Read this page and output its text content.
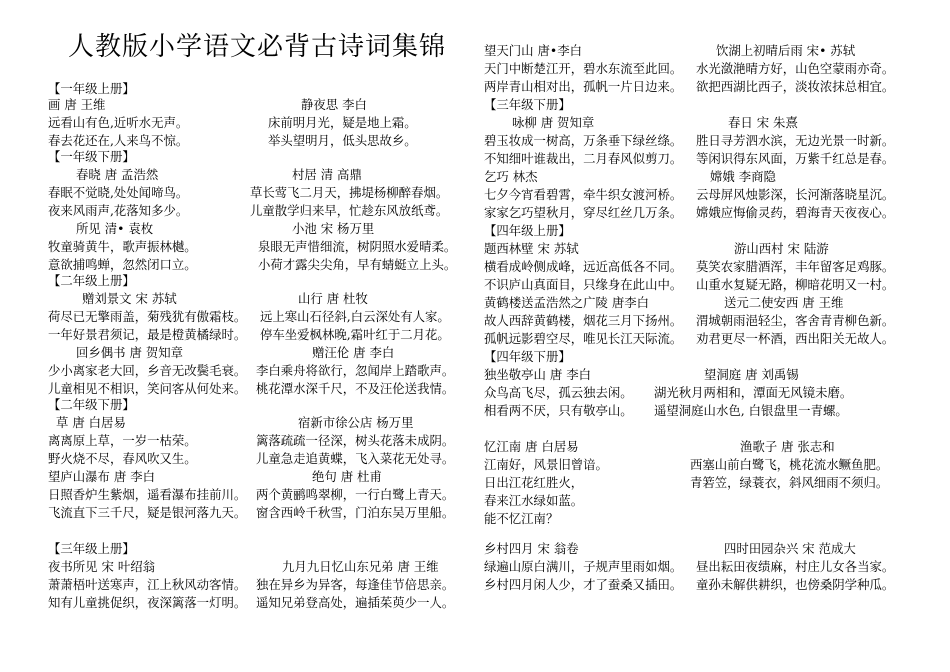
人教版小学语文必背古诗词集锦
【一年级上册】
画 唐 王维	静夜思 李白
远看山有色,近听水无声。	床前明月光，疑是地上霜。
春去花还在,人来鸟不惊。	举头望明月，低头思故乡。
【一年级下册】
春晓 唐 孟浩然	村居 清 高鼎
春眠不觉晓,处处闻啼鸟。	草长莺飞二月天，拂堤杨柳醉春烟。
夜来风雨声,花落知多少。	儿童散学归来早，忙趁东风放纸鸢。
所见 清• 袁枚	小池 宋 杨万里
牧童骑黄牛，歌声振林樾。	泉眼无声惜细流，树阴照水爱晴柔。
意欲捕鸣蝉，忽然闭口立。	小荷才露尖尖角，早有蜻蜓立上头。
【二年级上册】
赠刘景文 宋 苏轼	山行 唐 杜牧
荷尽已无擎雨盖，菊残犹有傲霜枝。 远上寒山石径斜,白云深处有人家。
一年好景君须记，最是橙黄橘绿时。 停车坐爱枫林晚,霜叶红于二月花。
回乡偶书 唐 贺知章	赠汪伦 唐 李白
少小离家老大回，乡音无改鬓毛衰。 李白乘舟将欲行，忽闻岸上踏歌声。
儿童相见不相识，笑问客从何处来。 桃花潭水深千尺，不及汪伦送我情。
【二年级下册】
草 唐 白居易	宿新市徐公店 杨万里
离离原上草，一岁一枯荣。	篱落疏疏一径深，树头花落未成阴。
野火烧不尽，春风吹又生。	儿童急走追黄蝶，飞入菜花无处寻。
望庐山瀑布 唐 李白	绝句 唐 杜甫
日照香炉生紫烟，遥看瀑布挂前川。 两个黄鹂鸣翠柳，一行白鹭上青天。
飞流直下三千尺，疑是银河落九天。 窗含西岭千秋雪，门泊东吴万里船。
【三年级上册】
夜书所见 宋 叶绍翁	九月九日忆山东兄弟 唐 王维
萧萧梧叶送寒声，江上秋风动客情。 独在异乡为异客，每逢佳节倍思亲。
知有儿童挑促织，夜深篱落一灯明。 遥知兄弟登高处，遍插茱萸少一人。
望天门山 唐•李白	饮湖上初晴后雨 宋• 苏轼
天门中断楚江开，碧水东流至此回。 水光潋滟晴方好，山色空蒙雨亦奇。
两岸青山相对出，孤帆一片日边来。 欲把西湖比西子，淡妆浓抹总相宜。
【三年级下册】
咏柳 唐 贺知章	春日 宋 朱熹
碧玉妆成一树高，万条垂下绿丝绦。 胜日寻芳泗水滨，无边光景一时新。
不知细叶谁裁出，二月春风似剪刀。 等闲识得东风面，万紫千红总是春。
乞巧 林杰	嫦娥 李商隐
七夕今宵看碧霄，牵牛织女渡河桥。 云母屏风烛影深，长河渐落晓星沉。
家家乞巧望秋月，穿尽红丝几万条。 嫦娥应悔偷灵药，碧海青天夜夜心。
【四年级上册】
题西林壁 宋 苏轼	游山西村 宋 陆游
横看成岭侧成峰，远近高低各不同。 莫笑农家腊酒浑，丰年留客足鸡豚。
不识庐山真面目，只缘身在此山中。 山重水复疑无路，柳暗花明又一村。
黄鹤楼送孟浩然之广陵 唐李白	送元二使安西 唐 王维
故人西辞黄鹤楼，烟花三月下扬州。 渭城朝雨浥轻尘，客舍青青柳色新。
孤帆远影碧空尽，唯见长江天际流。 劝君更尽一杯酒，西出阳关无故人。
【四年级下册】
独坐敬亭山 唐 李白	望洞庭 唐 刘禹锡
众鸟高飞尽，孤云独去闲。 湖光秋月两相和，潭面无风镜未磨。
相看两不厌，只有敬亭山。 遥望洞庭山水色, 白银盘里一青螺。
忆江南 唐 白居易	渔歌子 唐 张志和
江南好，风景旧曾谙。	西塞山前白鹭飞，桃花流水鳜鱼肥。
日出江花红胜火，	青箬笠，绿蓑衣，斜风细雨不须归。
春来江水绿如蓝。
能不忆江南？
乡村四月 宋 翁卷	四时田园杂兴 宋 范成大
绿遍山原白满川，子规声里雨如烟。 昼出耘田夜绩麻，村庄儿女各当家。
乡村四月闲人少，才了蚕桑又插田。 童孙未解供耕织，也傍桑阴学种瓜。
